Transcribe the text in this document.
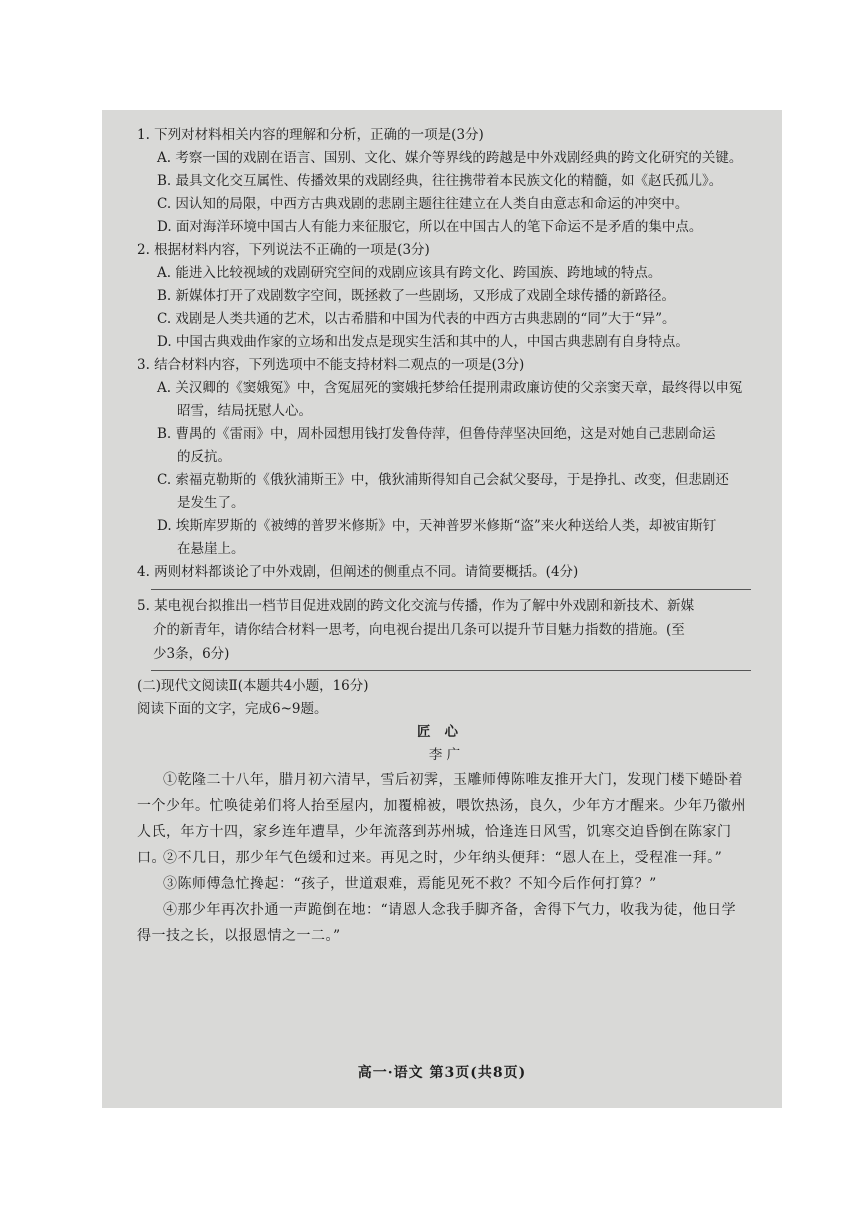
1. 下列对材料相关内容的理解和分析，正确的一项是(3分)
A. 考察一国的戏剧在语言、国别、文化、媒介等界线的跨越是中外戏剧经典的跨文化研究的关键。
B. 最具文化交互属性、传播效果的戏剧经典，往往携带着本民族文化的精髓，如《赵氏孤儿》。
C. 因认知的局限，中西方古典戏剧的悲剧主题往往建立在人类自由意志和命运的冲突中。
D. 面对海洋环境中国古人有能力来征服它，所以在中国古人的笔下命运不是矛盾的集中点。
2. 根据材料内容，下列说法不正确的一项是(3分)
A. 能进入比较视域的戏剧研究空间的戏剧应该具有跨文化、跨国族、跨地域的特点。
B. 新媒体打开了戏剧数字空间，既拯救了一些剧场，又形成了戏剧全球传播的新路径。
C. 戏剧是人类共通的艺术，以古希腊和中国为代表的中西方古典悲剧的“同”大于“异”。
D. 中国古典戏曲作家的立场和出发点是现实生活和其中的人，中国古典悲剧有自身特点。
3. 结合材料内容，下列选项中不能支持材料二观点的一项是(3分)
A. 关汉卿的《窦娥冤》中，含冤屈死的窦娥托梦给任提刑肃政廉访使的父亲窦天章，最终得以申冤
昭雪，结局抚慰人心。
B. 曹禺的《雷雨》中，周朴园想用钱打发鲁侍萍，但鲁侍萍坚决回绝，这是对她自己悲剧命运
的反抗。
C. 索福克勒斯的《俄狄浦斯王》中，俄狄浦斯得知自己会弑父娶母，于是挣扎、改变，但悲剧还
是发生了。
D. 埃斯库罗斯的《被缚的普罗米修斯》中，天神普罗米修斯“盗”来火种送给人类，却被宙斯钉
在悬崖上。
4. 两则材料都谈论了中外戏剧，但阐述的侧重点不同。请简要概括。(4分)
5. 某电视台拟推出一档节目促进戏剧的跨文化交流与传播，作为了解中外戏剧和新技术、新媒
介的新青年，请你结合材料一思考，向电视台提出几条可以提升节目魅力指数的措施。(至
少3条，6分)
(二)现代文阅读Ⅱ(本题共4小题，16分)
阅读下面的文字，完成6~9题。
匠心
李 广
①乾隆二十八年，腊月初六清早，雪后初霁，玉雕师傅陈唯友推开大门，发现门楼下蜷卧着
一个少年。忙唤徒弟们将人抬至屋内，加覆棉被，喂饮热汤，良久，少年方才醒来。少年乃徽州
人氏，年方十四，家乡连年遭旱，少年流落到苏州城，恰逢连日风雪，饥寒交迫昏倒在陈家门口。
②不几日，那少年气色缓和过来。再见之时，少年纳头便拜：“恩人在上，受程准一拜。”
③陈师傅急忙搀起：“孩子，世道艰难，焉能见死不救？不知今后作何打算？”
④那少年再次扑通一声跪倒在地：“请恩人念我手脚齐备，舍得下气力，收我为徒，他日学
得一技之长，以报恩情之一二。”
高一·语文 第3页(共8页)
